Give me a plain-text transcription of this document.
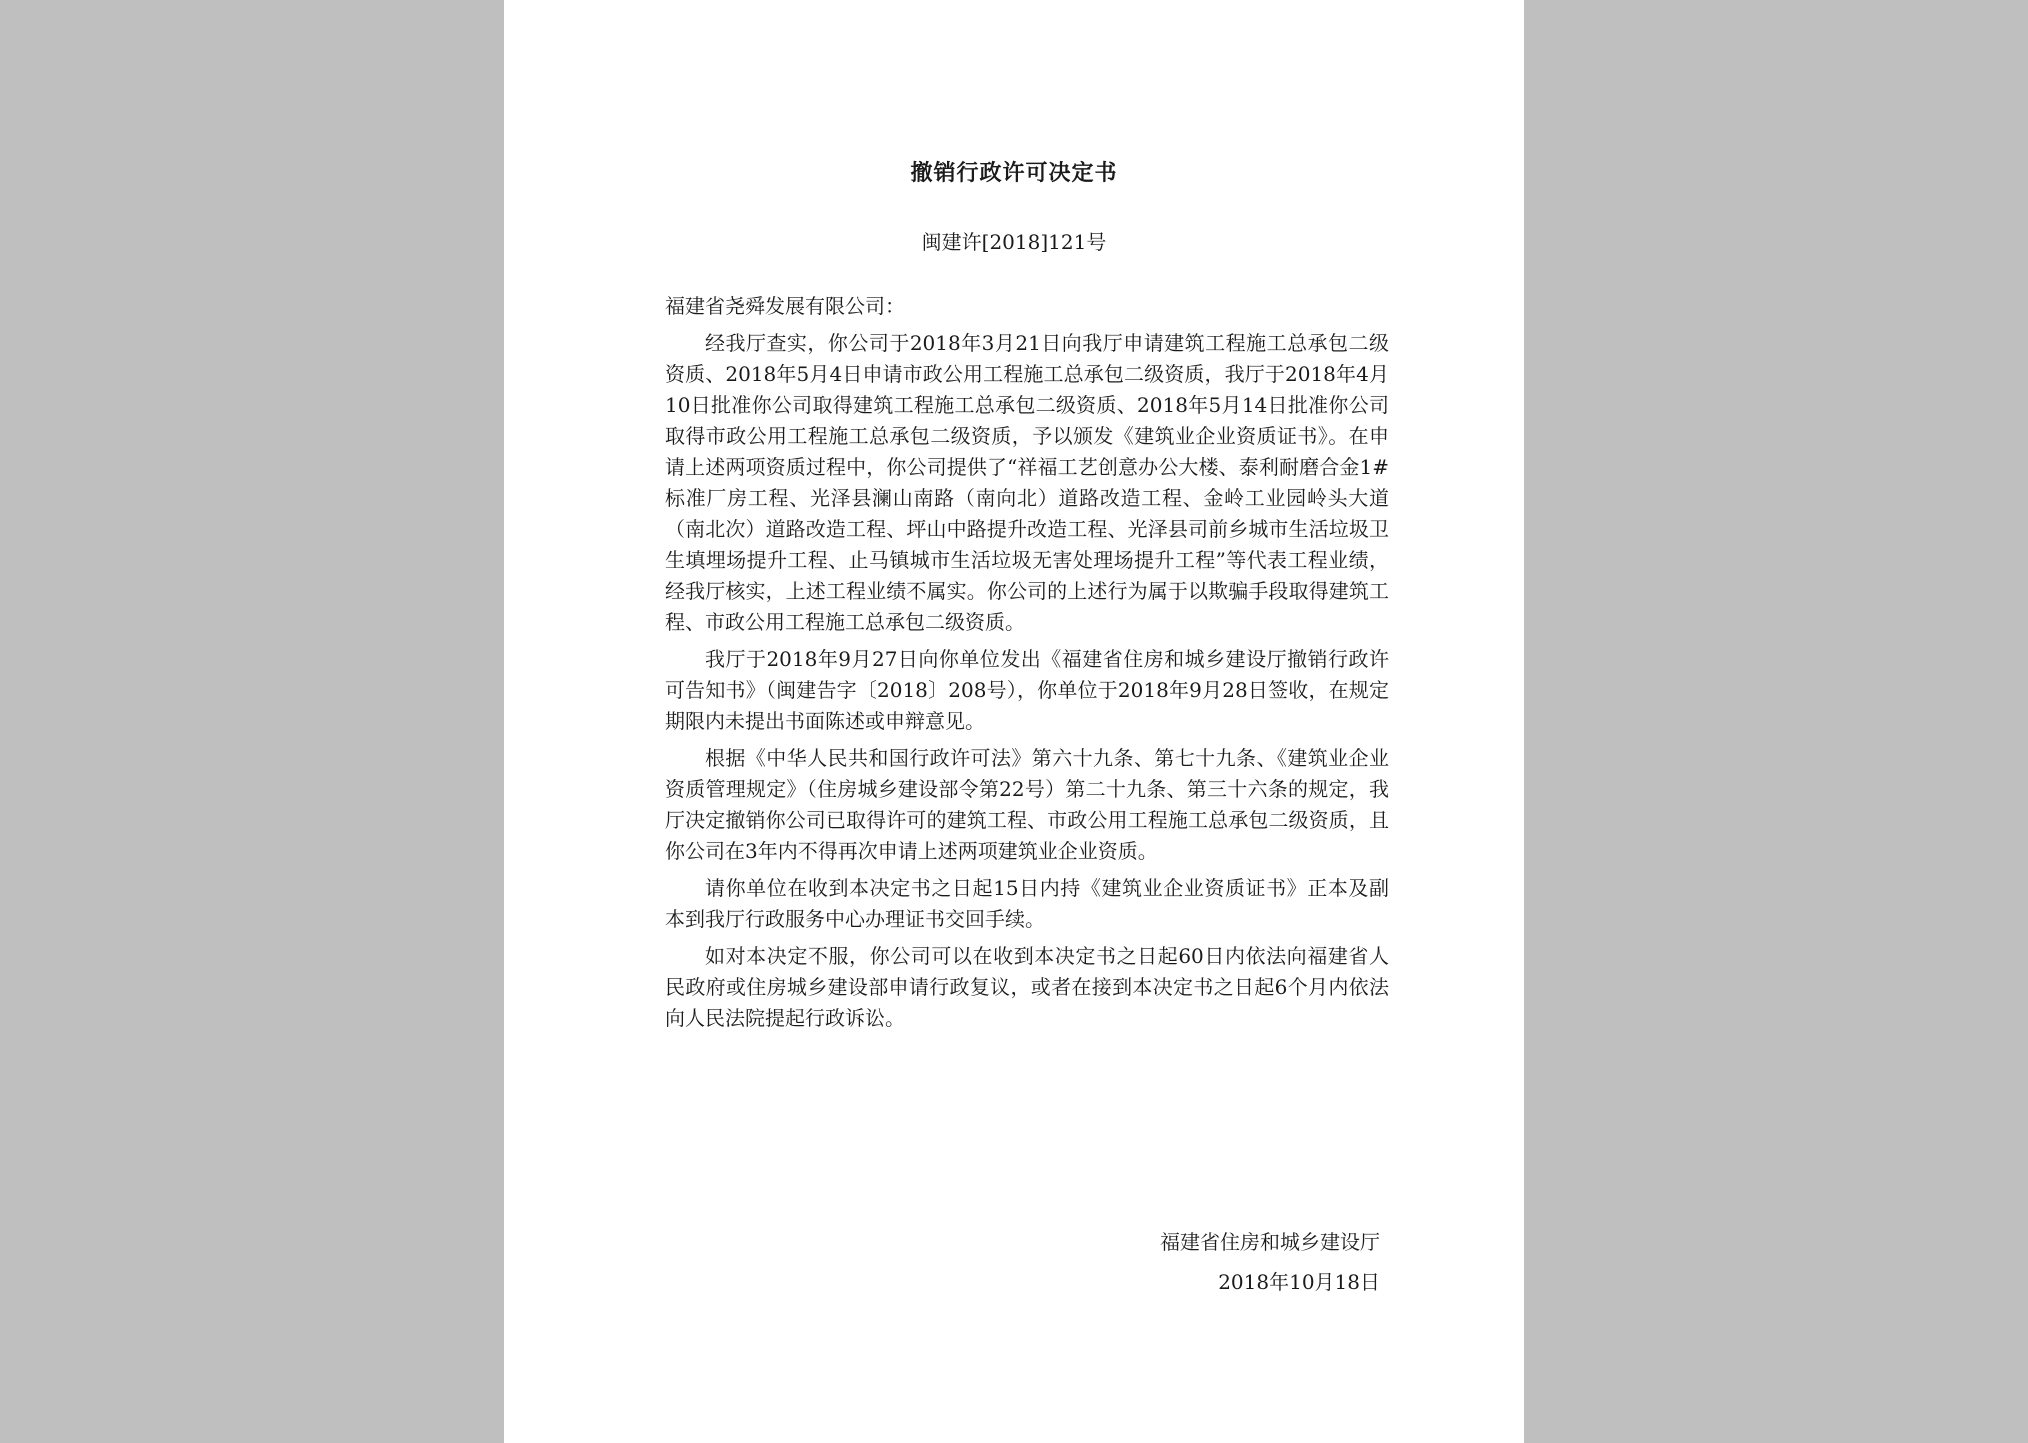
撤销行政许可决定书
闽建许[2018]121号

福建省尧舜发展有限公司：

经我厅查实，你公司于2018年3月21日向我厅申请建筑工程施工总承包二级资质、2018年5月4日申请市政公用工程施工总承包二级资质，我厅于2018年4月10日批准你公司取得建筑工程施工总承包二级资质、2018年5月14日批准你公司取得市政公用工程施工总承包二级资质，予以颁发《建筑业企业资质证书》。在申请上述两项资质过程中，你公司提供了“祥福工艺创意办公大楼、泰利耐磨合金1#标准厂房工程、光泽县澜山南路（南向北）道路改造工程、金岭工业园岭头大道（南北次）道路改造工程、坪山中路提升改造工程、光泽县司前乡城市生活垃圾卫生填埋场提升工程、止马镇城市生活垃圾无害处理场提升工程”等代表工程业绩，经我厅核实，上述工程业绩不属实。你公司的上述行为属于以欺骗手段取得建筑工程、市政公用工程施工总承包二级资质。

我厅于2018年9月27日向你单位发出《福建省住房和城乡建设厅撤销行政许可告知书》（闽建告字〔2018〕208号），你单位于2018年9月28日签收，在规定期限内未提出书面陈述或申辩意见。

根据《中华人民共和国行政许可法》第六十九条、第七十九条、《建筑业企业资质管理规定》（住房城乡建设部令第22号）第二十九条、第三十六条的规定，我厅决定撤销你公司已取得许可的建筑工程、市政公用工程施工总承包二级资质，且你公司在3年内不得再次申请上述两项建筑业企业资质。

请你单位在收到本决定书之日起15日内持《建筑业企业资质证书》正本及副本到我厅行政服务中心办理证书交回手续。

如对本决定不服，你公司可以在收到本决定书之日起60日内依法向福建省人民政府或住房城乡建设部申请行政复议，或者在接到本决定书之日起6个月内依法向人民法院提起行政诉讼。

福建省住房和城乡建设厅
2018年10月18日
